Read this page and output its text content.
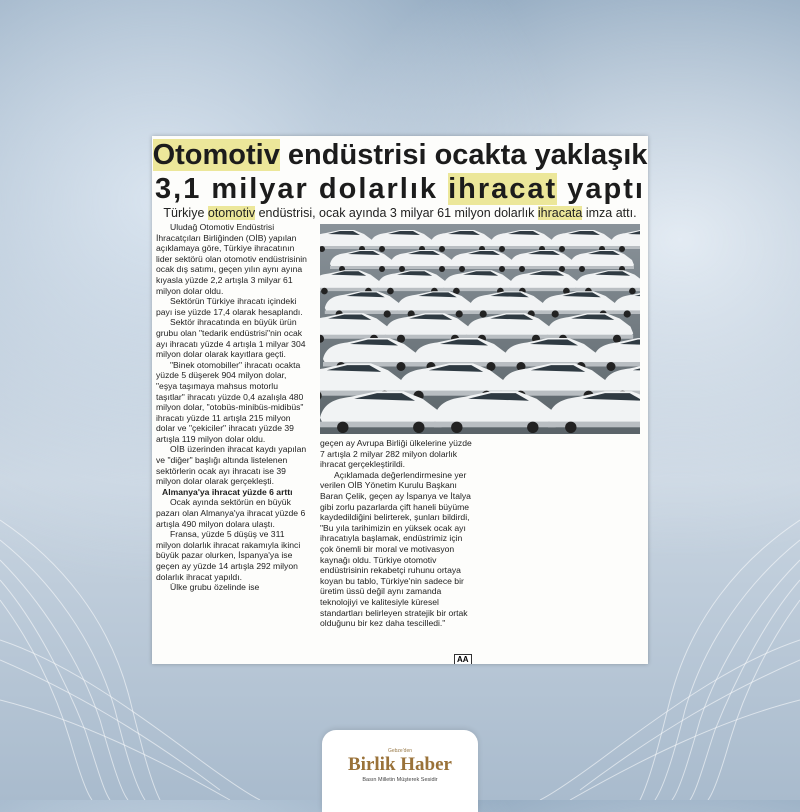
Otomotiv endüstrisi ocakta yaklaşık
3,1 milyar dolarlık ihracat yaptı
Türkiye otomotiv endüstrisi, ocak ayında 3 milyar 61 milyon dolarlık ihracata imza attı.

Uludağ Otomotiv Endüstrisi İhracatçıları Birliğinden (OİB) yapılan açıklamaya göre, Türkiye ihracatının lider sektörü olan otomotiv endüstrisinin ocak dış satımı, geçen yılın aynı ayına kıyasla yüzde 2,2 artışla 3 milyar 61 milyon dolar oldu.

Sektörün Türkiye ihracatı içindeki payı ise yüzde 17,4 olarak hesaplandı.

Sektör ihracatında en büyük ürün grubu olan "tedarik endüstrisi"nin ocak ayı ihracatı yüzde 4 artışla 1 milyar 304 milyon dolar olarak kayıtlara geçti.

"Binek otomobiller" ihracatı ocakta yüzde 5 düşerek 904 milyon dolar, "eşya taşımaya mahsus motorlu taşıtlar" ihracatı yüzde 0,4 azalışla 480 milyon dolar, "otobüs-minibüs-midibüs" ihracatı yüzde 11 artışla 215 milyon dolar ve "çekiciler" ihracatı yüzde 39 artışla 119 milyon dolar oldu.

OİB üzerinden ihracat kaydı yapılan ve "diğer" başlığı altında listelenen sektörlerin ocak ayı ihracatı ise 39 milyon dolar olarak gerçekleşti.

Almanya'ya ihracat yüzde 6 arttı

Ocak ayında sektörün en büyük pazarı olan Almanya'ya ihracat yüzde 6 artışla 490 milyon dolara ulaştı.

Fransa, yüzde 5 düşüş ve 311 milyon dolarlık ihracat rakamıyla ikinci büyük pazar olurken, İspanya'ya ise geçen ay yüzde 14 artışla 292 milyon dolarlık ihracat yapıldı.

Ülke grubu özelinde ise

geçen ay Avrupa Birliği ülkelerine yüzde 7 artışla 2 milyar 282 milyon dolarlık ihracat gerçekleştirildi.

Açıklamada değerlendirmesine yer verilen OİB Yönetim Kurulu Başkanı Baran Çelik, geçen ay İspanya ve İtalya gibi zorlu pazarlarda çift haneli büyüme kaydedildiğini belirterek, şunları bildirdi, "Bu yıla tarihimizin en yüksek ocak ayı ihracatıyla başlamak, endüstrimiz için çok önemli bir moral ve motivasyon kaynağı oldu. Türkiye otomotiv endüstrisinin rekabetçi ruhunu ortaya koyan bu tablo, Türkiye'nin sadece bir üretim üssü değil aynı zamanda teknolojiyi ve kalitesiyle küresel standartları belirleyen stratejik bir ortak olduğunu bir kez daha tescilledi."

AA
Gebze'den
Birlik Haber
Basın Milletin Müşterek Sesidir
